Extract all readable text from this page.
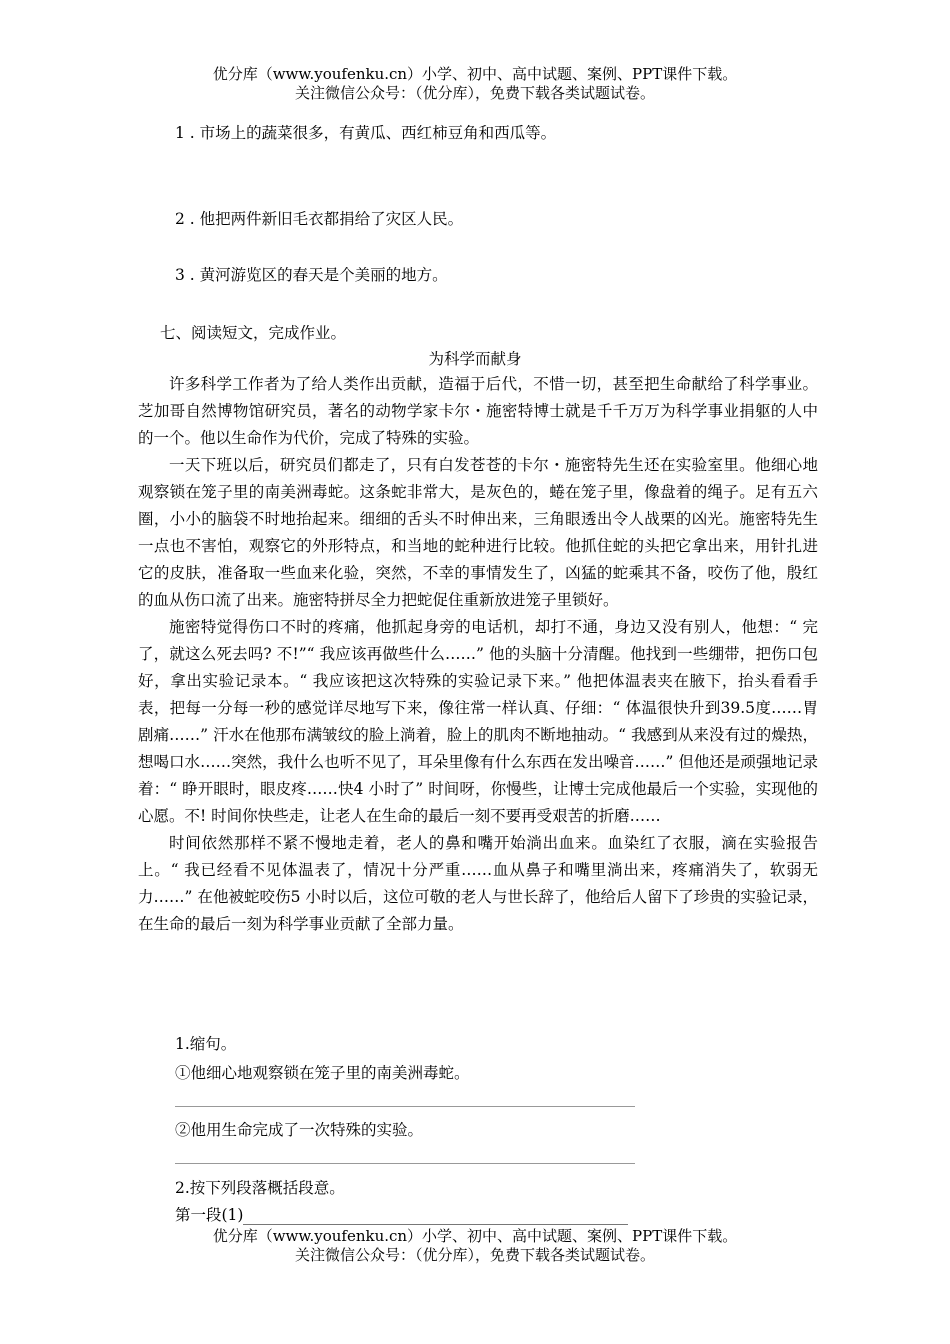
优分库（www.youfenku.cn）小学、初中、高中试题、案例、PPT课件下载。
关注微信公众号：（优分库），免费下载各类试题试卷。
1 . 市场上的蔬菜很多，有黄瓜、西红柿豆角和西瓜等。
2 . 他把两件新旧毛衣都捐给了灾区人民。
3 . 黄河游览区的春天是个美丽的地方。
七、阅读短文，完成作业。
为科学而献身

许多科学工作者为了给人类作出贡献，造福于后代，不惜一切，甚至把生命献给了科学事业。芝加哥自然博物馆研究员，著名的动物学家卡尔・施密特博士就是千千万万为科学事业捐躯的人中的一个。他以生命作为代价，完成了特殊的实验。

一天下班以后，研究员们都走了，只有白发苍苍的卡尔・施密特先生还在实验室里。他细心地观察锁在笼子里的南美洲毒蛇。这条蛇非常大，是灰色的，蜷在笼子里，像盘着的绳子。足有五六圈，小小的脑袋不时地抬起来。细细的舌头不时伸出来，三角眼透出令人战栗的凶光。施密特先生一点也不害怕，观察它的外形特点，和当地的蛇种进行比较。他抓住蛇的头把它拿出来，用针扎进它的皮肤，准备取一些血来化验，突然，不幸的事情发生了，凶猛的蛇乘其不备，咬伤了他，殷红的血从伤口流了出来。施密特拼尽全力把蛇促住重新放进笼子里锁好。

施密特觉得伤口不时的疼痛，他抓起身旁的电话机，却打不通，身边又没有别人，他想：“ 完了，就这么死去吗? 不!”“ 我应该再做些什么……” 他的头脑十分清醒。他找到一些绷带，把伤口包好，拿出实验记录本。“ 我应该把这次特殊的实验记录下来。” 他把体温表夹在腋下，抬头看看手表，把每一分每一秒的感觉详尽地写下来，像往常一样认真、仔细：“ 体温很快升到39.5度……胃剧痛……” 汗水在他那布满皱纹的脸上淌着，脸上的肌肉不断地抽动。“ 我感到从来没有过的燥热，想喝口水……突然，我什么也听不见了，耳朵里像有什么东西在发出噪音……” 但他还是顽强地记录着：“ 睁开眼时，眼皮疼……快4 小时了” 时间呀，你慢些，让博士完成他最后一个实验，实现他的心愿。不! 时间你快些走，让老人在生命的最后一刻不要再受艰苦的折磨……

时间依然那样不紧不慢地走着，老人的鼻和嘴开始淌出血来。血染红了衣服，滴在实验报告上。“ 我已经看不见体温表了，情况十分严重……血从鼻子和嘴里淌出来，疼痛消失了，软弱无力……” 在他被蛇咬伤5 小时以后，这位可敬的老人与世长辞了，他给后人留下了珍贵的实验记录，在生命的最后一刻为科学事业贡献了全部力量。

1.缩句。
①他细心地观察锁在笼子里的南美洲毒蛇。
②他用生命完成了一次特殊的实验。
2.按下列段落概括段意。
第一段(1)
优分库（www.youfenku.cn）小学、初中、高中试题、案例、PPT课件下载。
关注微信公众号：（优分库），免费下载各类试题试卷。
